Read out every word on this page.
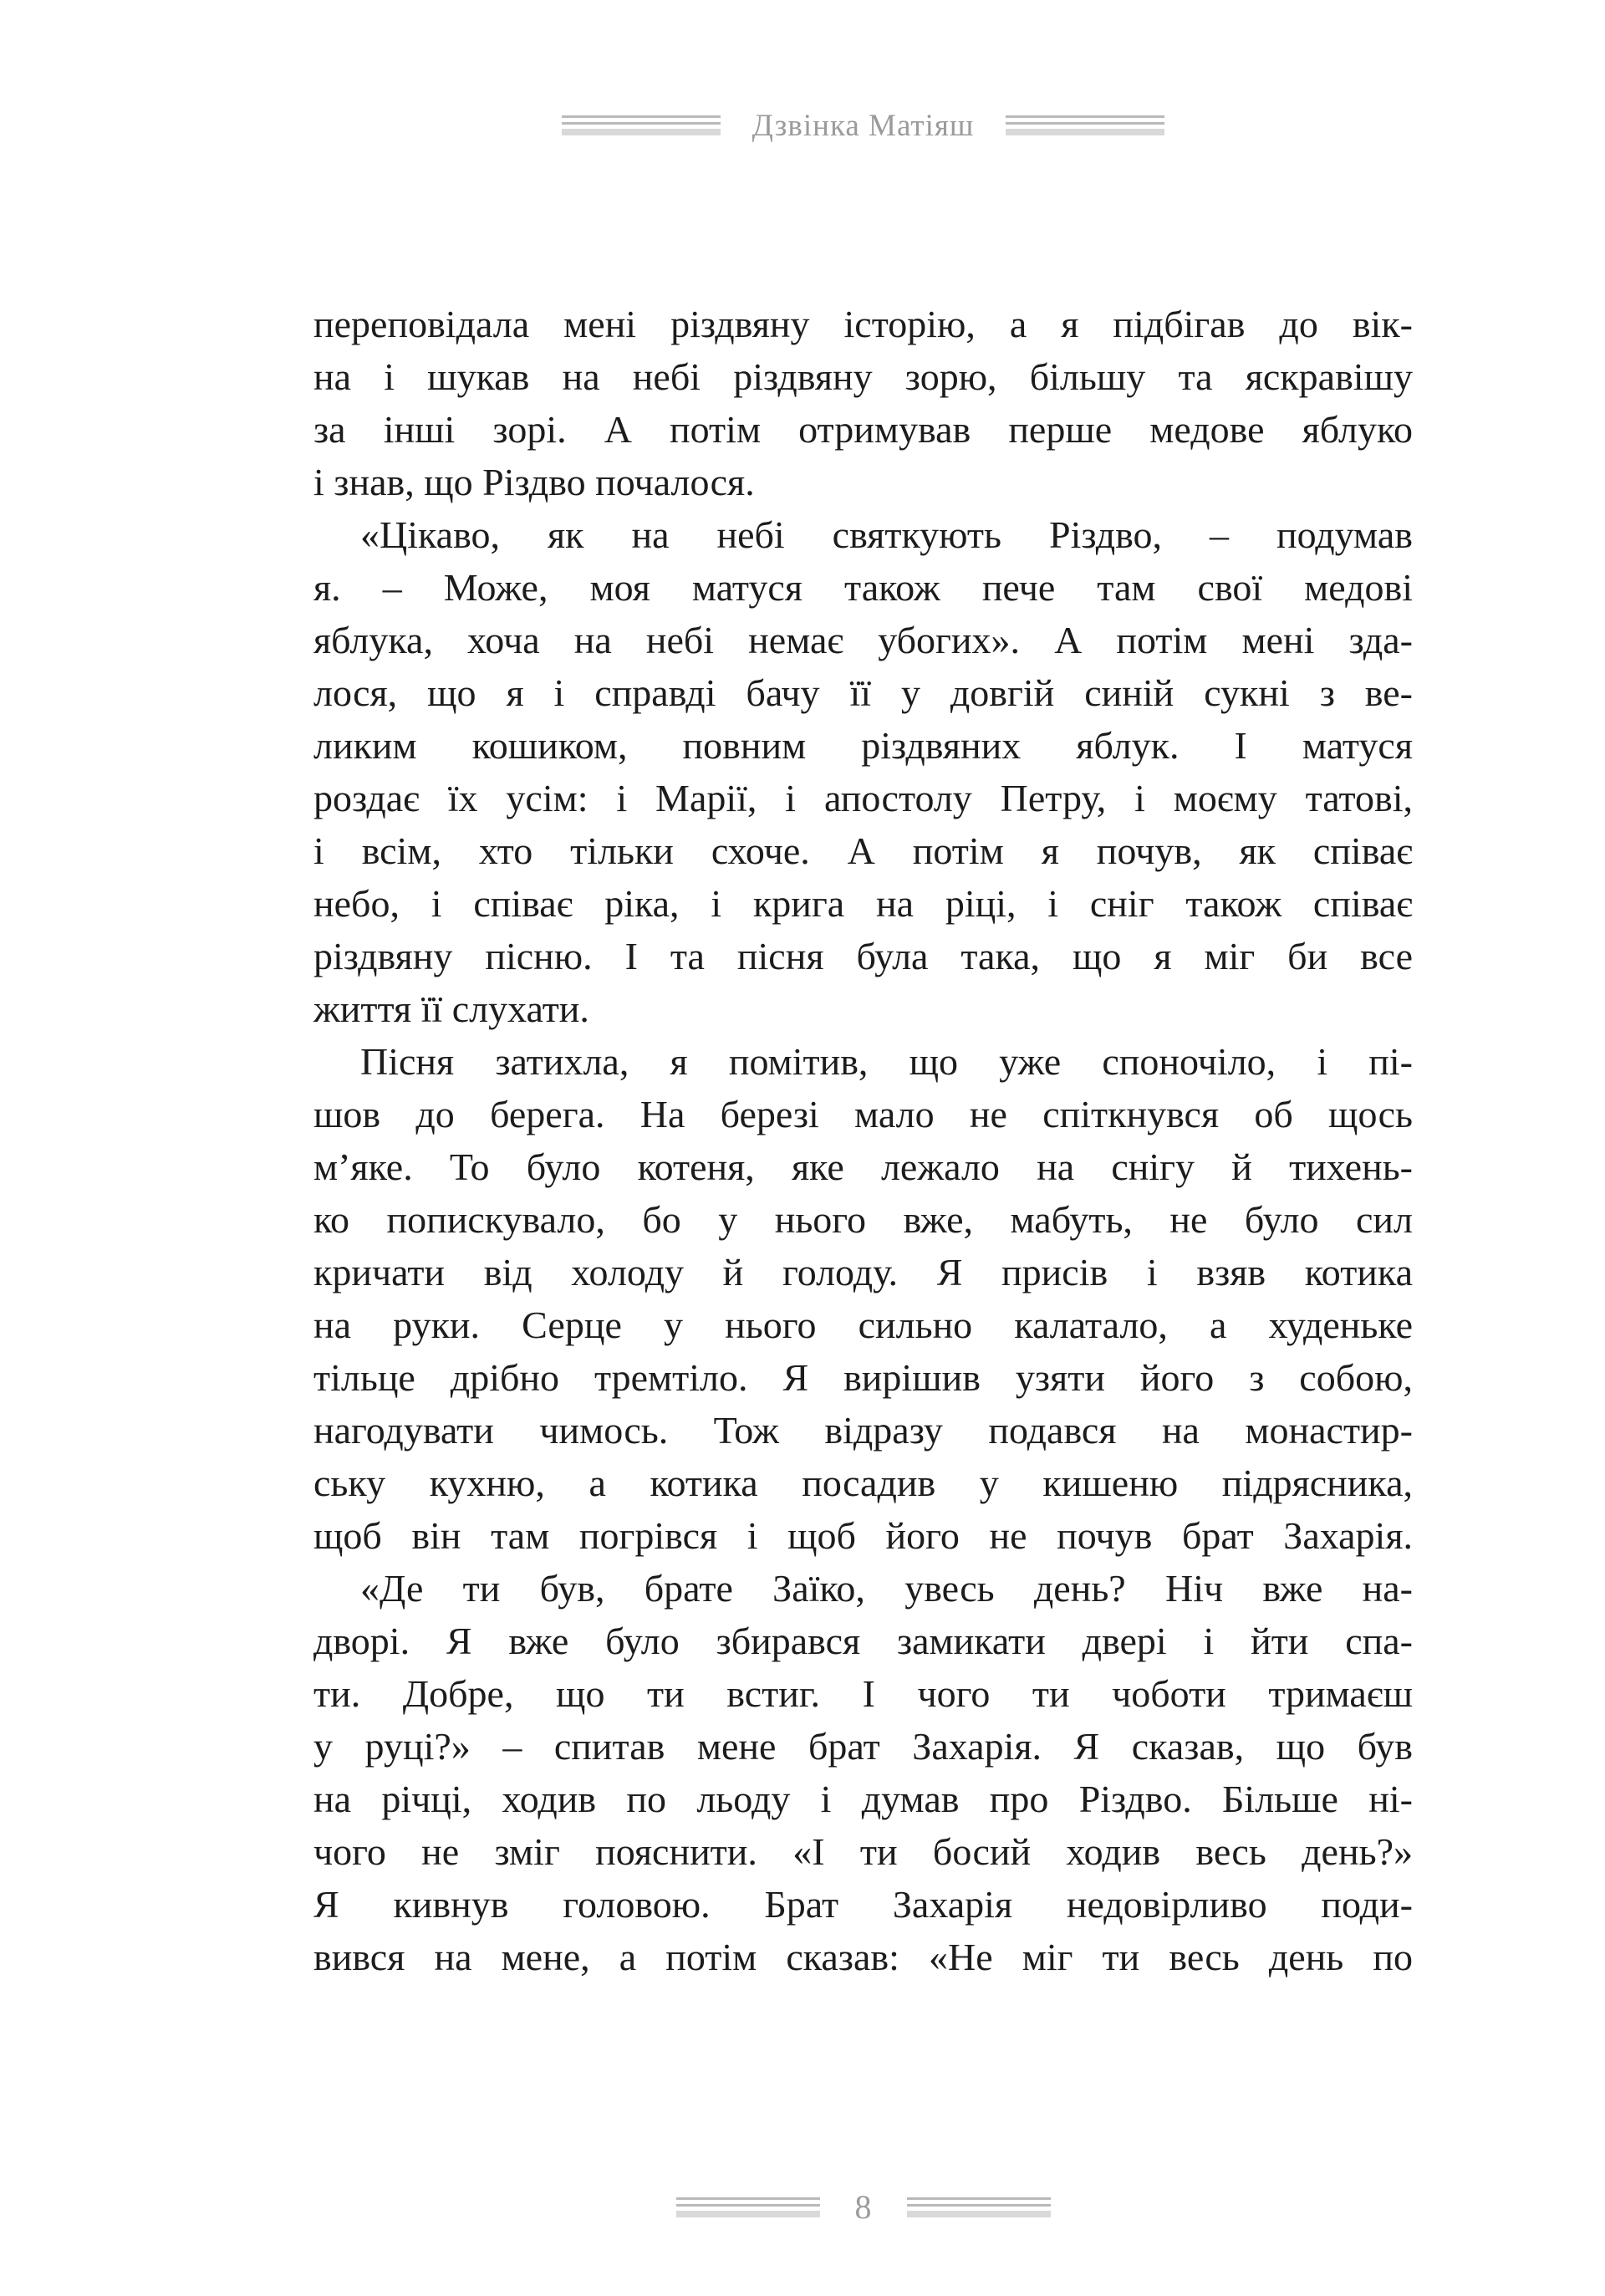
Дзвінка Матіяш
переповідала мені різдвяну історію, а я підбігав до вік-
на і шукав на небі різдвяну зорю, більшу та яскравішу
за інші зорі. А потім отримував перше медове яблуко
і знав, що Різдво почалося.
«Цікаво, як на небі святкують Різдво, – подумав
я. – Може, моя матуся також пече там свої медові
яблука, хоча на небі немає убогих». А потім мені зда-
лося, що я і справді бачу її у довгій синій сукні з ве-
ликим кошиком, повним різдвяних яблук. І матуся
роздає їх усім: і Марії, і апостолу Петру, і моєму татові,
і всім, хто тільки схоче. А потім я почув, як співає
небо, і співає ріка, і крига на ріці, і сніг також співає
різдвяну пісню. І та пісня була така, що я міг би все
життя її слухати.
Пісня затихла, я помітив, що уже споночіло, і пі-
шов до берега. На березі мало не спіткнувся об щось
м’яке. То було котеня, яке лежало на снігу й тихень-
ко попискувало, бо у нього вже, мабуть, не було сил
кричати від холоду й голоду. Я присів і взяв котика
на руки. Серце у нього сильно калатало, а худеньке
тільце дрібно тремтіло. Я вирішив узяти його з собою,
нагодувати чимось. Тож відразу подався на монастир-
ську кухню, а котика посадив у кишеню підрясника,
щоб він там погрівся і щоб його не почув брат Захарія.
«Де ти був, брате Заїко, увесь день? Ніч вже на-
дворі. Я вже було збирався замикати двері і йти спа-
ти. Добре, що ти встиг. І чого ти чоботи тримаєш
у руці?» – спитав мене брат Захарія. Я сказав, що був
на річці, ходив по льоду і думав про Різдво. Більше ні-
чого не зміг пояснити. «І ти босий ходив весь день?»
Я кивнув головою. Брат Захарія недовірливо поди-
вився на мене, а потім сказав: «Не міг ти весь день по
8
